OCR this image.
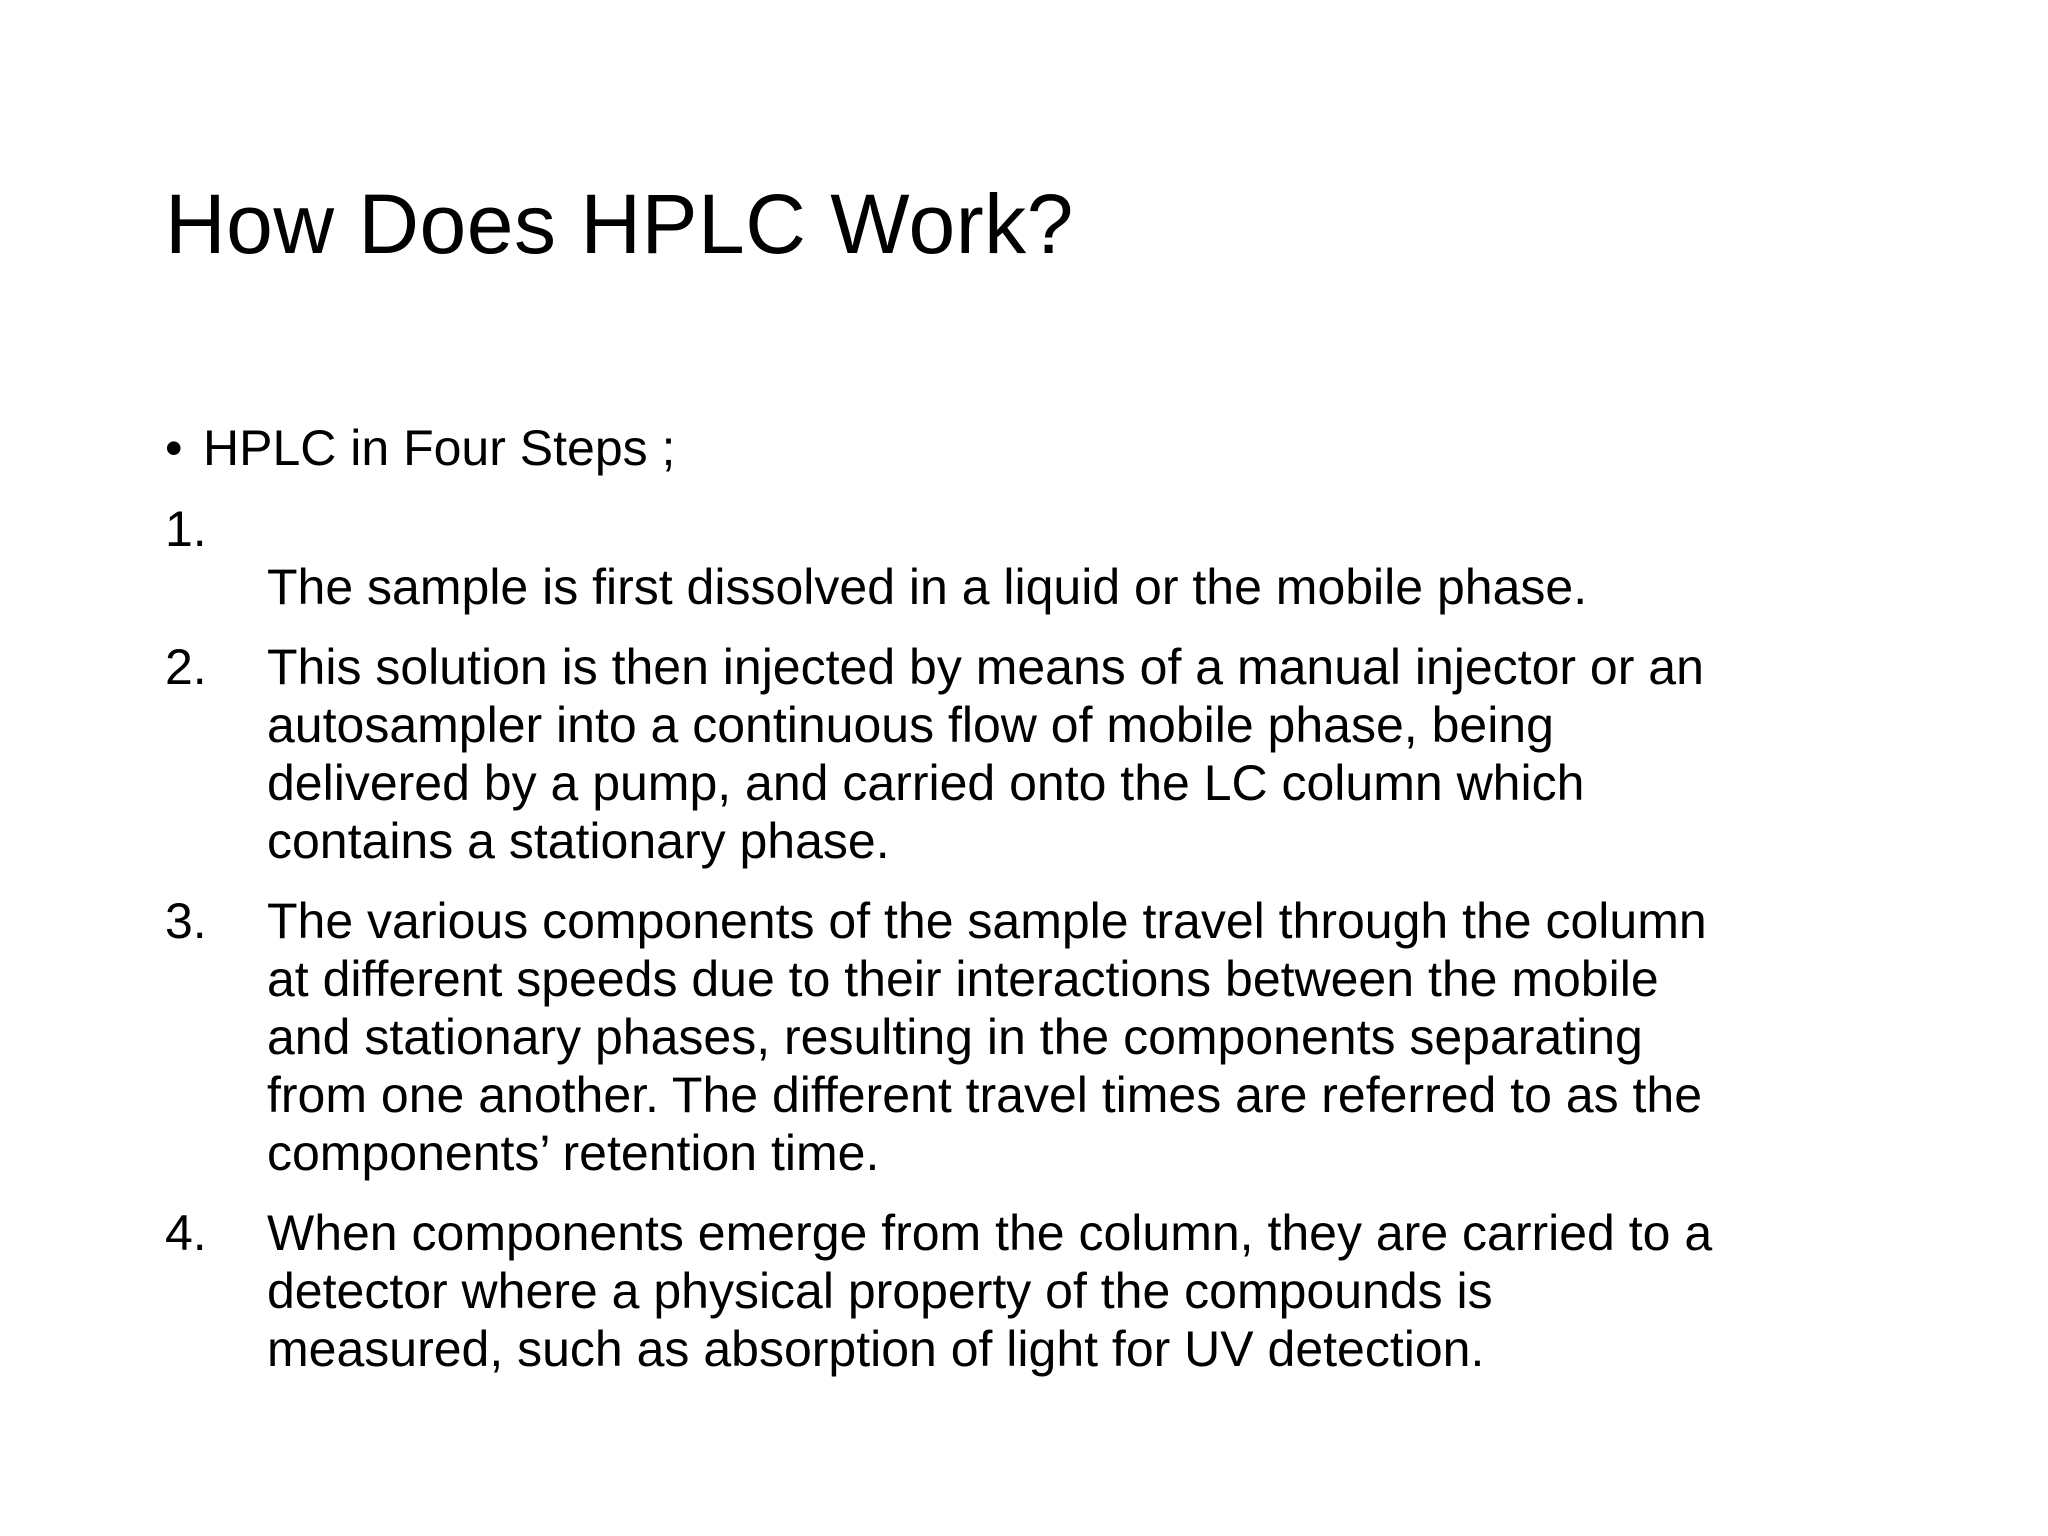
How Does HPLC Work?
• HPLC in Four Steps ;
1.
The sample is first dissolved in a liquid or the mobile phase.
2. This solution is then injected by means of a manual injector or an
autosampler into a continuous flow of mobile phase, being
delivered by a pump, and carried onto the LC column which
contains a stationary phase.
3. The various components of the sample travel through the column
at different speeds due to their interactions between the mobile
and stationary phases, resulting in the components separating
from one another. The different travel times are referred to as the
components’ retention time.
4. When components emerge from the column, they are carried to a
detector where a physical property of the compounds is
measured, such as absorption of light for UV detection.
